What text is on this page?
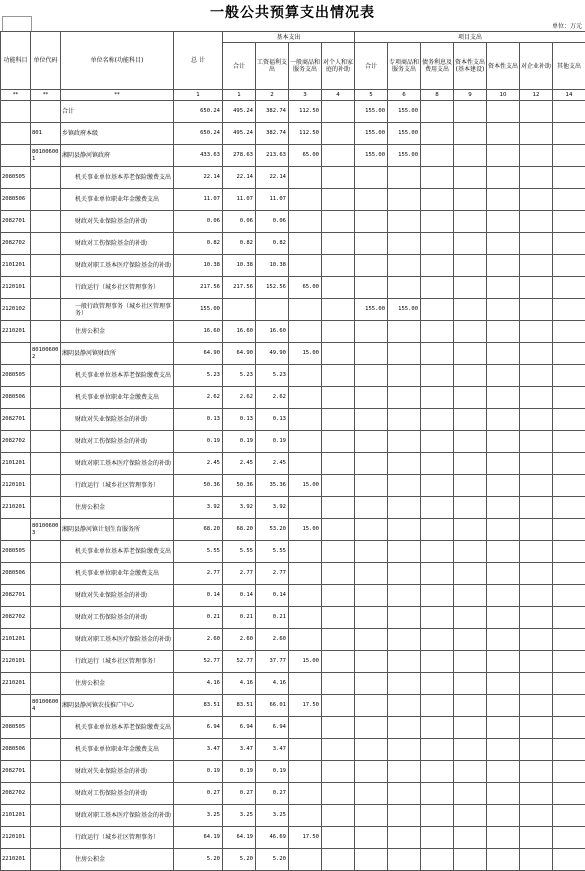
一般公共预算支出情况表
单位：万元
功能科目	单位代码	单位名称(功能科目)	总 计	基本支出				项目支出						
				合计	工资福利支出	一般商品和服务支出	对个人和家庭的补助	合计	专项商品和服务支出	债务利息及费用支出	资本性支出(基本建设)	资本性支出	对企业补助	其他支出
**	**	**	1	1	2	3	4	5	6	8	9	10	12	14
		合计	650.24	495.24	382.74	112.50		155.00	155.00					
	801	乡镇政府本级	650.24	495.24	382.74	112.50		155.00	155.00					
	801006001	湘阴县静河镇政府	433.63	278.63	213.63	65.00		155.00	155.00					
2080505		机关事业单位基本养老保险缴费支出	22.14	22.14	22.14									
2080506		机关事业单位职业年金缴费支出	11.07	11.07	11.07									
2082701		财政对失业保险基金的补助	0.06	0.06	0.06									
2082702		财政对工伤保险基金的补助	0.82	0.82	0.82									
2101201		财政对职工基本医疗保险基金的补助	10.38	10.38	10.38									
2120101		行政运行（城乡社区管理事务）	217.56	217.56	152.56	65.00								
2120102		一般行政管理事务（城乡社区管理事务）	155.00					155.00	155.00					
2210201		住房公积金	16.60	16.60	16.60									
	801006002	湘阴县静河镇财政所	64.90	64.90	49.90	15.00								
2080505		机关事业单位基本养老保险缴费支出	5.23	5.23	5.23									
2080506		机关事业单位职业年金缴费支出	2.62	2.62	2.62									
2082701		财政对失业保险基金的补助	0.13	0.13	0.13									
2082702		财政对工伤保险基金的补助	0.19	0.19	0.19									
2101201		财政对职工基本医疗保险基金的补助	2.45	2.45	2.45									
2120101		行政运行（城乡社区管理事务）	50.36	50.36	35.36	15.00								
2210201		住房公积金	3.92	3.92	3.92									
	801006003	湘阴县静河镇计划生育服务所	68.20	68.20	53.20	15.00								
2080505		机关事业单位基本养老保险缴费支出	5.55	5.55	5.55									
2080506		机关事业单位职业年金缴费支出	2.77	2.77	2.77									
2082701		财政对失业保险基金的补助	0.14	0.14	0.14									
2082702		财政对工伤保险基金的补助	0.21	0.21	0.21									
2101201		财政对职工基本医疗保险基金的补助	2.60	2.60	2.60									
2120101		行政运行（城乡社区管理事务）	52.77	52.77	37.77	15.00								
2210201		住房公积金	4.16	4.16	4.16									
	801006004	湘阴县静河镇农技推广中心	83.51	83.51	66.01	17.50								
2080505		机关事业单位基本养老保险缴费支出	6.94	6.94	6.94									
2080506		机关事业单位职业年金缴费支出	3.47	3.47	3.47									
2082701		财政对失业保险基金的补助	0.19	0.19	0.19									
2082702		财政对工伤保险基金的补助	0.27	0.27	0.27									
2101201		财政对职工基本医疗保险基金的补助	3.25	3.25	3.25									
2120101		行政运行（城乡社区管理事务）	64.19	64.19	46.69	17.50								
2210201		住房公积金	5.20	5.20	5.20									
